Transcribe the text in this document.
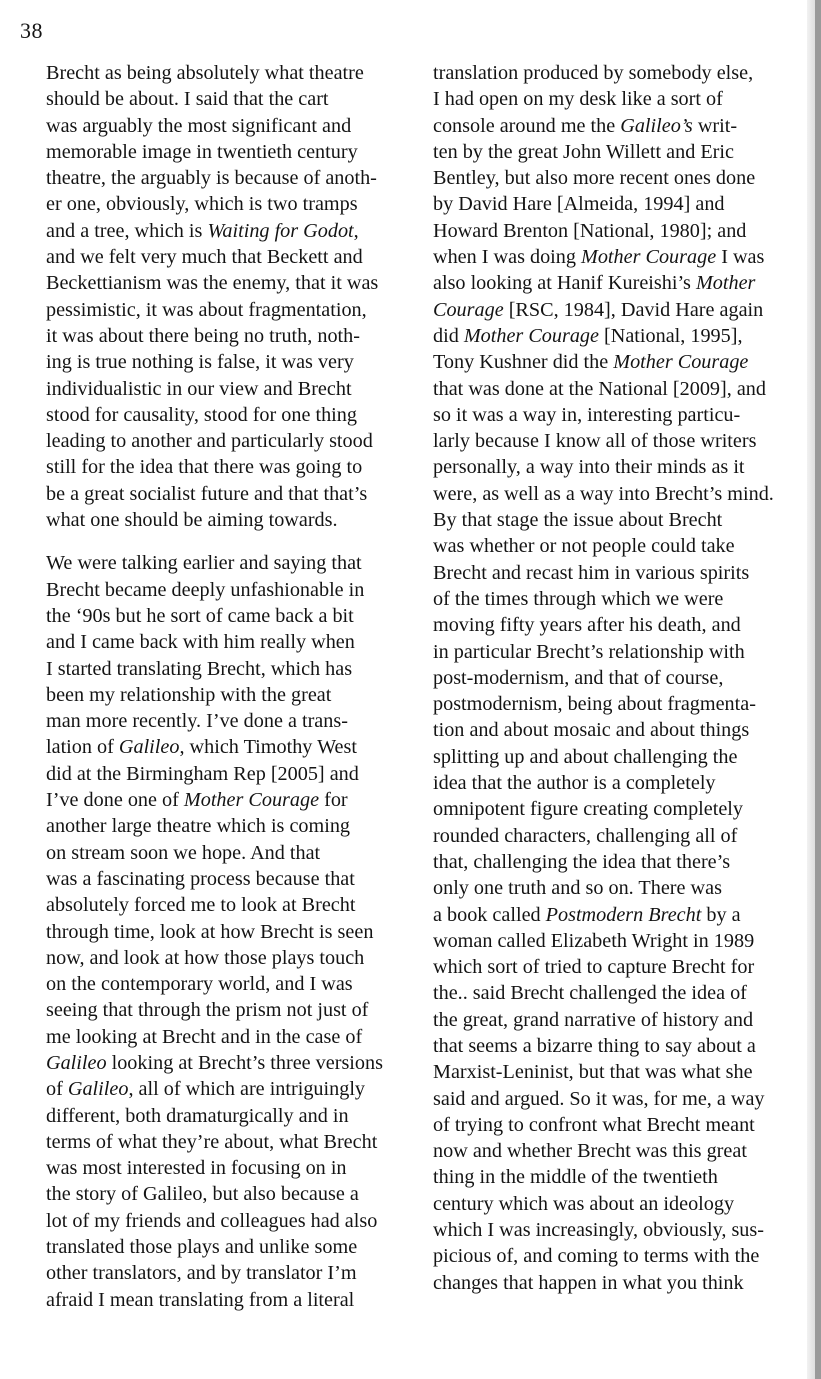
38
Brecht as being absolutely what theatre
should be about. I said that the cart
was arguably the most significant and
memorable image in twentieth century
theatre, the arguably is because of anoth-
er one, obviously, which is two tramps
and a tree, which is Waiting for Godot,
and we felt very much that Beckett and
Beckettianism was the enemy, that it was
pessimistic, it was about fragmentation,
it was about there being no truth, noth-
ing is true nothing is false, it was very
individualistic in our view and Brecht
stood for causality, stood for one thing
leading to another and particularly stood
still for the idea that there was going to
be a great socialist future and that that’s
what one should be aiming towards.
We were talking earlier and saying that
Brecht became deeply unfashionable in
the ‘90s but he sort of came back a bit
and I came back with him really when
I started translating Brecht, which has
been my relationship with the great
man more recently. I’ve done a trans-
lation of Galileo, which Timothy West
did at the Birmingham Rep [2005] and
I’ve done one of Mother Courage for
another large theatre which is coming
on stream soon we hope. And that
was a fascinating process because that
absolutely forced me to look at Brecht
through time, look at how Brecht is seen
now, and look at how those plays touch
on the contemporary world, and I was
seeing that through the prism not just of
me looking at Brecht and in the case of
Galileo looking at Brecht’s three versions
of Galileo, all of which are intriguingly
different, both dramaturgically and in
terms of what they’re about, what Brecht
was most interested in focusing on in
the story of Galileo, but also because a
lot of my friends and colleagues had also
translated those plays and unlike some
other translators, and by translator I’m
afraid I mean translating from a literal
translation produced by somebody else,
I had open on my desk like a sort of
console around me the Galileo’s writ-
ten by the great John Willett and Eric
Bentley, but also more recent ones done
by David Hare [Almeida, 1994] and
Howard Brenton [National, 1980]; and
when I was doing Mother Courage I was
also looking at Hanif Kureishi’s Mother
Courage [RSC, 1984], David Hare again
did Mother Courage [National, 1995],
Tony Kushner did the Mother Courage
that was done at the National [2009], and
so it was a way in, interesting particu-
larly because I know all of those writers
personally, a way into their minds as it
were, as well as a way into Brecht’s mind.
By that stage the issue about Brecht
was whether or not people could take
Brecht and recast him in various spirits
of the times through which we were
moving fifty years after his death, and
in particular Brecht’s relationship with
post-modernism, and that of course,
postmodernism, being about fragmenta-
tion and about mosaic and about things
splitting up and about challenging the
idea that the author is a completely
omnipotent figure creating completely
rounded characters, challenging all of
that, challenging the idea that there’s
only one truth and so on. There was
a book called Postmodern Brecht by a
woman called Elizabeth Wright in 1989
which sort of tried to capture Brecht for
the.. said Brecht challenged the idea of
the great, grand narrative of history and
that seems a bizarre thing to say about a
Marxist-Leninist, but that was what she
said and argued. So it was, for me, a way
of trying to confront what Brecht meant
now and whether Brecht was this great
thing in the middle of the twentieth
century which was about an ideology
which I was increasingly, obviously, sus-
picious of, and coming to terms with the
changes that happen in what you think
